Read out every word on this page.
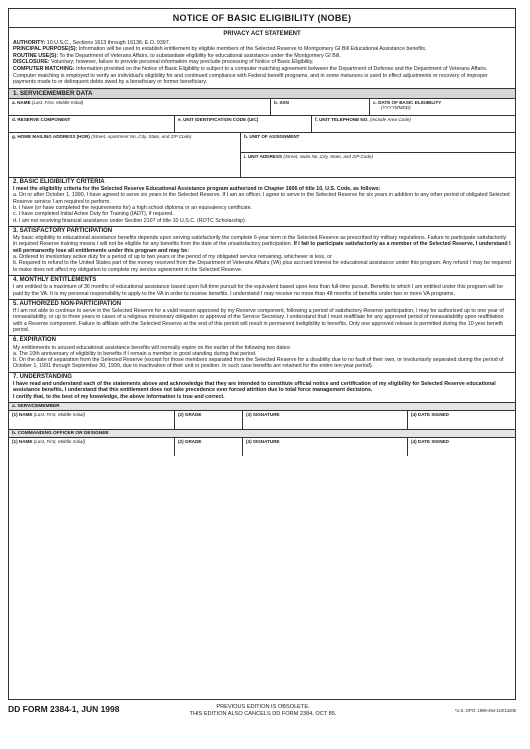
NOTICE OF BASIC ELIGIBILITY (NOBE)
PRIVACY ACT STATEMENT

AUTHORITY: 10 U.S.C., Sections 1613 through 16136; E.O. 9397.

PRINCIPAL PURPOSE(S): Information will be used to establish entitlement by eligible members of the Selected Reserve to Montgomery GI Bill Educational Assistance benefits.

ROUTINE USE(S): To the Department of Veterans Affairs, to substantiate eligibility for educational assistance under the Montgomery GI Bill.

DISCLOSURE: Voluntary; however, failure to provide personal information may preclude processing of Notice of Basic Eligibility.

COMPUTER MATCHING: Information provided on the Notice of Basic Eligibility is subject to a computer matching agreement between the Department of Defense and the Department of Veterans Affairs. Computer matching is employed to verify an individual's eligibility for and continued compliance with Federal benefit programs, and in some instances is used to effect adjustments or recovery of improper payments made to or delinquent debts owed by a beneficiary or former beneficiary.

1. SERVICEMEMBER DATA
a. NAME (Last, First, Middle Initial)	b. SSN	c. DATE OF BASIC ELIGIBILITY
(YYYYMMDD)
d. RESERVE COMPONENT	e. UNIT IDENTIFICATION CODE (UIC)	f. UNIT TELEPHONE NO. (Include Area Code)
g. HOME MAILING ADDRESS (HOR) (Street, Apartment No.,City, State, and ZIP Code)	h. UNIT OF ASSIGNMENT
i. UNIT ADDRESS (Street, Suite No.,City, State, and ZIP Code)
2. BASIC ELIGIBILITY CRITERIA

I meet the eligibility criteria for the Selected Reserve Educational Assistance program authorized in Chapter 1606 of title 10, U.S. Code, as follows:

a. On or after October 1, 1990, I have agreed to serve six years in the Selected Reserve. If I am an officer, I agree to serve in the Selected Reserve for six years in addition to any other period of obligated Selected Reserve service I am required to perform.

b. I have (or have completed the requirements for) a high school diploma or an equivalency certificate.

c. I have completed Initial Active Duty for Training (IADT), if required.

d. I am not receiving financial assistance under Section 2107 of title 10 U.S.C. (ROTC Scholarship).

3. SATISFACTORY PARTICIPATION

My basic eligibility to educational assistance benefits depends upon serving satisfactorily the complete 6-year term in the Selected Reserve as prescribed by military regulations. Failure to participate satisfactorily in required Reserve training means I will not be eligible for any benefits from the date of the unsatisfactory participation. If I fail to participate satisfactorily as a member of the Selected Reserve, I understand I will permanently lose all entitlements under this program and may be:

a. Ordered to involuntary active duty for a period of up to two years or the period of my obligated service remaining, whichever is less, or

b. Required to refund to the United States part of the money received from the Department of Veterans Affairs (VA) plus accrued interest for educational assistance under this program. Any refund I may be required to make does not affect my obligation to complete my service agreement in the Selected Reserve.

4. MONTHLY ENTITLEMENTS

I am entitled to a maximum of 36 months of educational assistance based upon full-time pursuit for the equivalent based upon less than full-time pursuit. Benefits to which I am entitled under this program will be paid by the VA. It is my personal responsibility to apply to the VA in order to receive benefits. I understand I may receive no more than 48 months of benefits under two or more VA programs.

5. AUTHORIZED NON-PARTICIPATION

If I am not able to continue to serve in the Selected Reserve for a valid reason approved by my Reserve component, following a period of satisfactory Reserve participation, I may be authorized up to one year of nonavailability, or up to three years in cases of a religious missionary obligation or approval of the Service Secretary. I understand that I must reaffiliate for any approved period of nonavailability upon reaffiliation with a Reserve component. Failure to affiliate with the Selected Reserve at the end of this period will result in permanent ineligibility to benefits. Only one approved release is permitted during the 10 year benefit period.

6. EXPIRATION

My entitlements to unused educational assistance benefits will normally expire on the earlier of the following two dates:

a. The 10th anniversary of eligibility to benefits if I remain a member in good standing during that period.

b. On the date of separation from the Selected Reserve (except for those members separated from the Selected Reserve for a disability due to no fault of their own, or involuntarily separated during the period of October 1, 1991 through September 30, 1999, due to inactivation of their unit or position. In such case benefits are retained for the entire ten-year period).

7. UNDERSTANDING

I have read and understand each of the statements above and acknowledge that they are intended to constitute official notice and certification of my eligibility for Selected Reserve educational assistance benefits. I understand that this entitlement does not take precedence over forced attrition due to total force management decisions.

I certify that, to the best of my knowledge, the above information is true and correct.

a. SERVICEMEMBER
(1) NAME (Last, First, Middle Initial)	(2) GRADE	(3) SIGNATURE	(4) DATE SIGNED
b. COMMANDING OFFICER OR DESIGNEE
(1) NAME (Last, First, Middle Initial)	(2) GRADE	(3) SIGNATURE	(4) DATE SIGNED
DD FORM 2384-1, JUN 1998	PREVIOUS EDITION IS OBSOLETE.
THIS EDITION ALSO CANCELS DD FORM 2384, OCT 85.
*U.S. GPO: 1999-454-110/13206
